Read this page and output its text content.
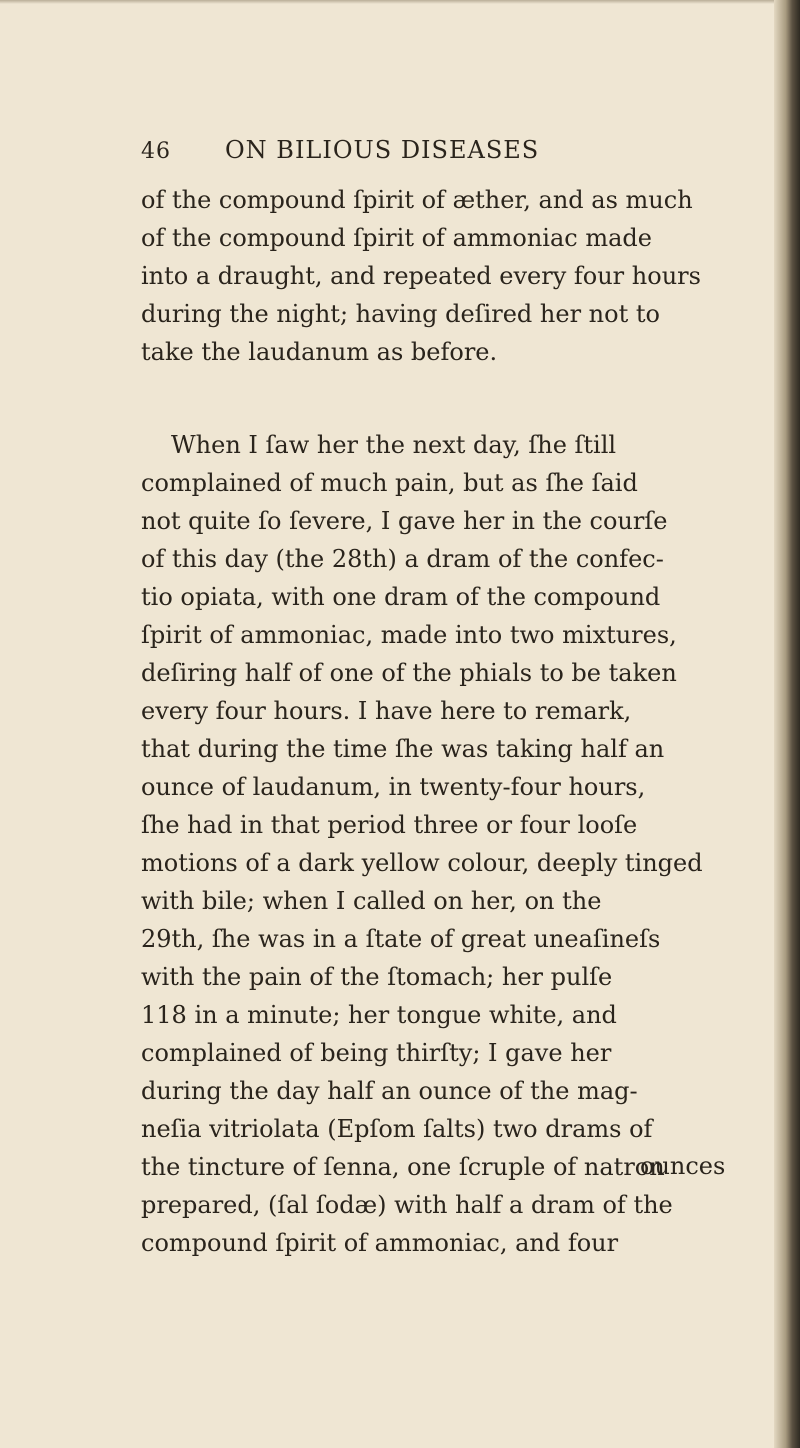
46 ON BILIOUS DISEASES
of the compound ſpirit of æther, and as much
of the compound ſpirit of ammoniac made
into a draught, and repeated every four hours
during the night; having deſired her not to
take the laudanum as before.
When I ſaw her the next day, ſhe ſtill
complained of much pain, but as ſhe ſaid
not quite ſo ſevere, I gave her in the courſe
of this day (the 28th) a dram of the confec-
tio opiata, with one dram of the compound
ſpirit of ammoniac, made into two mixtures,
deſiring half of one of the phials to be taken
every four hours. I have here to remark,
that during the time ſhe was taking half an
ounce of laudanum, in twenty-four hours,
ſhe had in that period three or four looſe
motions of a dark yellow colour, deeply tinged
with bile; when I called on her, on the
29th, ſhe was in a ſtate of great uneaſineſs
with the pain of the ſtomach; her pulſe
118 in a minute; her tongue white, and
complained of being thirſty; I gave her
during the day half an ounce of the mag-
neſia vitriolata (Epſom ſalts) two drams of
the tincture of ſenna, one ſcruple of natron
prepared, (ſal ſodæ) with half a dram of the
compound ſpirit of ammoniac, and four
ounces
